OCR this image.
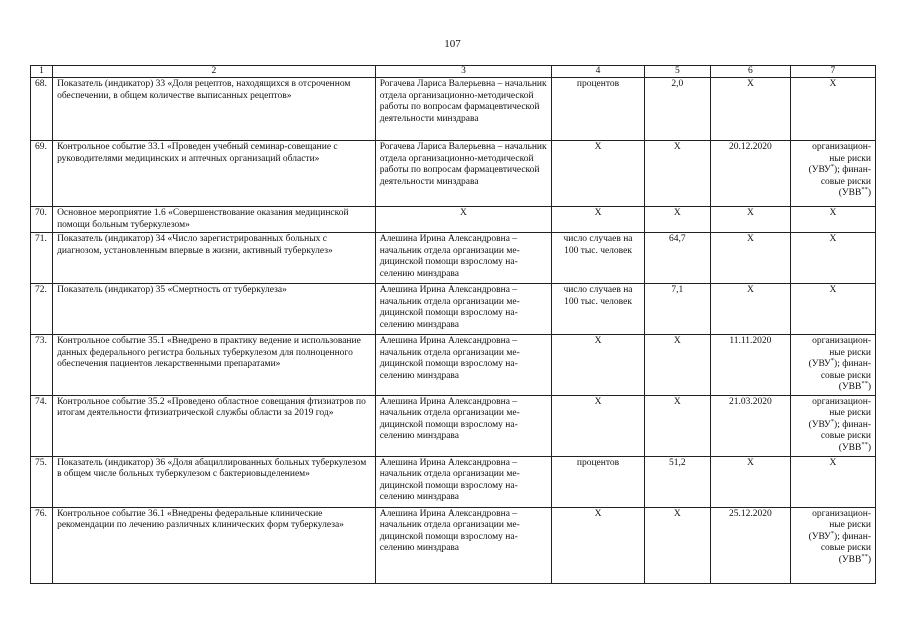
107
1	2	3	4	5	6	7
68.	Показатель (индикатор) 33 «Доля рецептов, находящихся в отсроченном обеспечении, в общем количестве выписанных рецептов»	Рогачева Лариса Валерьевна – начальник отдела организационно-методической работы по вопросам фармацевтической деятельности минздрава	процентов	2,0	X	X
69.	Контрольное событие 33.1 «Проведен учебный семинар-совещание с руководителями медицинских и аптечных организаций области»	Рогачева Лариса Валерьевна – начальник отдела организационно-методической работы по вопросам фармацевтической деятельности минздрава	X	X	20.12.2020	организацион-
ные риски
(УВУ*); финан-
совые риски
(УВВ**)

70.	Основное мероприятие 1.6 «Совершенствование оказания медицинской помощи больным туберкулезом»	X	X	X	X	X
71.	Показатель (индикатор) 34 «Число зарегистрированных больных с диагнозом, установленным впервые в жизни, активный туберкулез»	Алешина Ирина Александровна – начальник отдела организации медицинской помощи взрослому населению минздрава	число случаев на 100 тыс. человек	64,7	X	X
72.	Показатель (индикатор) 35 «Смертность от туберкулеза»	Алешина Ирина Александровна – начальник отдела организации медицинской помощи взрослому населению минздрава	число случаев на 100 тыс. человек	7,1	X	X
73.	Контрольное событие 35.1 «Внедрено в практику ведение и использование данных федерального регистра больных туберкулезом для полноценного обеспечения пациентов лекарственными препаратами»	Алешина Ирина Александровна – начальник отдела организации медицинской помощи взрослому населению минздрава	X	X	11.11.2020	организацион-
ные риски
(УВУ*); финан-
совые риски
(УВВ**)

74.	Контрольное событие 35.2 «Проведено областное совещания фтизиатров по итогам деятельности фтизиатрической службы области за 2019 год»	Алешина Ирина Александровна – начальник отдела организации медицинской помощи взрослому населению минздрава	X	X	21.03.2020	организацион-
ные риски
(УВУ*); финан-
совые риски
(УВВ**)

75.	Показатель (индикатор) 36 «Доля абациллированных больных туберкулезом в общем числе больных туберкулезом с бактериовыделением»	Алешина Ирина Александровна – начальник отдела организации медицинской помощи взрослому населению минздрава	процентов	51,2	X	X
76.	Контрольное событие 36.1 «Внедрены федеральные клинические рекомендации по лечению различных клинических форм туберкулеза»	Алешина Ирина Александровна – начальник отдела организации медицинской помощи взрослому населению минздрава	X	X	25.12.2020	организацион-
ные риски
(УВУ*); финан-
совые риски
(УВВ**)
